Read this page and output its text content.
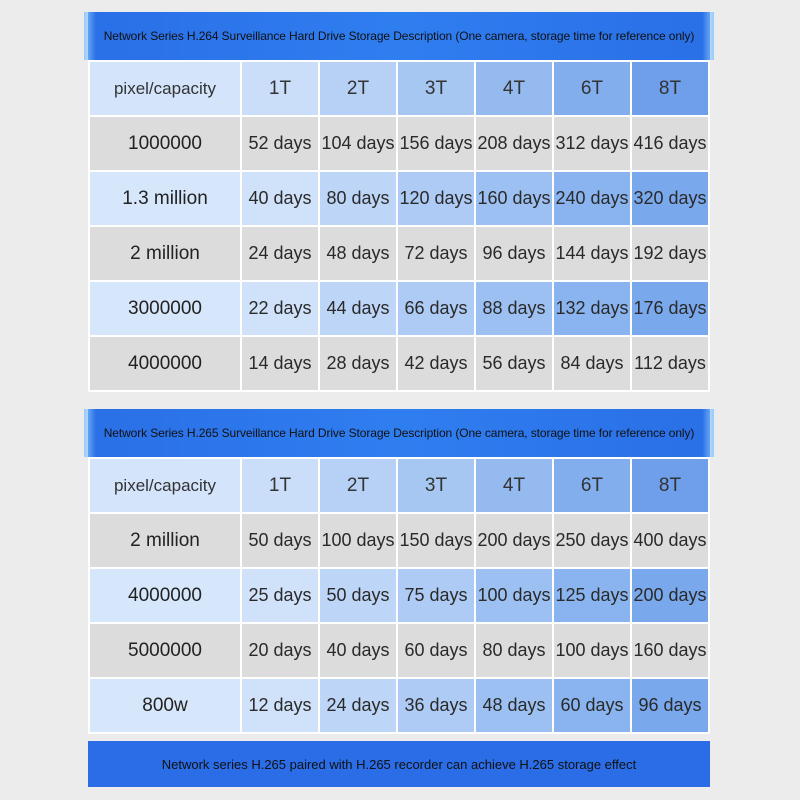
Network Series H.264 Surveillance Hard Drive Storage Description (One camera, storage time for reference only)
pixel/capacity	1T	2T	3T	4T	6T	8T
1000000	52 days	104 days	156 days	208 days	312 days	416 days
1.3 million	40 days	80 days	120 days	160 days	240 days	320 days
2 million	24 days	48 days	72 days	96 days	144 days	192 days
3000000	22 days	44 days	66 days	88 days	132 days	176 days
4000000	14 days	28 days	42 days	56 days	84 days	112 days
Network Series H.265 Surveillance Hard Drive Storage Description (One camera, storage time for reference only)
pixel/capacity	1T	2T	3T	4T	6T	8T
2 million	50 days	100 days	150 days	200 days	250 days	400 days
4000000	25 days	50 days	75 days	100 days	125 days	200 days
5000000	20 days	40 days	60 days	80 days	100 days	160 days
800w	12 days	24 days	36 days	48 days	60 days	96 days
Network series H.265 paired with H.265 recorder can achieve H.265 storage effect
